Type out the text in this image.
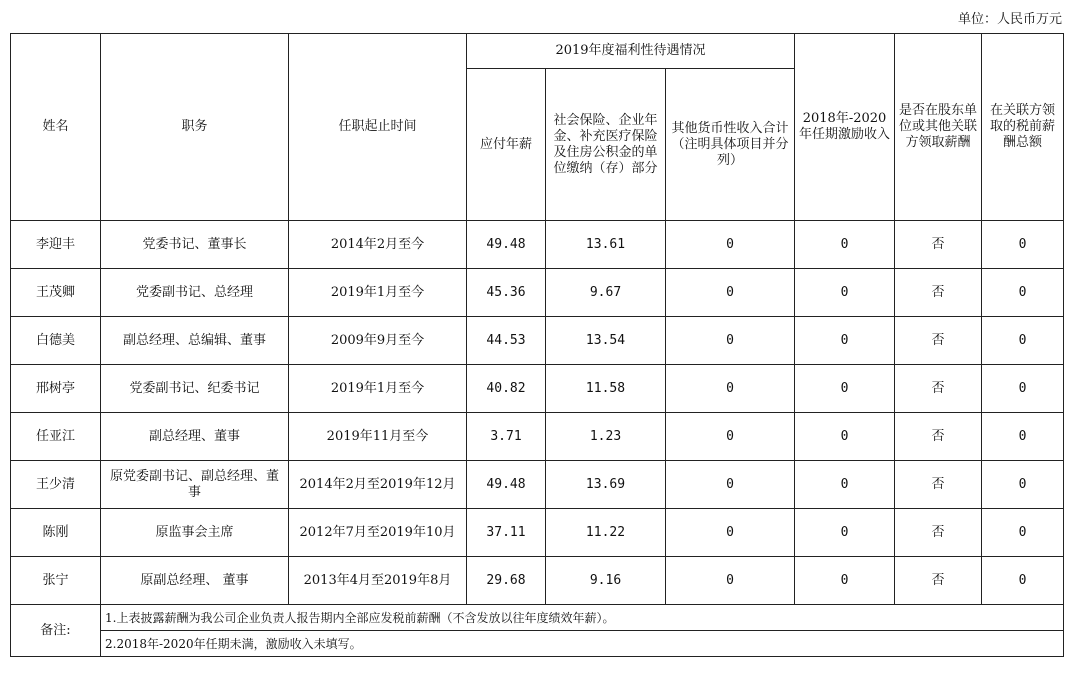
单位：人民币万元
姓名	职务	任职起止时间	2019年度福利性待遇情况			2018年-2020年任期激励收入	是否在股东单位或其他关联方领取薪酬	在关联方领取的税前薪酬总额
			应付年薪	社会保险、企业年金、补充医疗保险及住房公积金的单位缴纳（存）部分	其他货币性收入合计（注明具体项目并分列）			
李迎丰	党委书记、董事长	2014年2月至今	49.48	13.61	0	0	否	0
王茂卿	党委副书记、总经理	2019年1月至今	45.36	9.67	0	0	否	0
白德美	副总经理、总编辑、董事	2009年9月至今	44.53	13.54	0	0	否	0
邢树亭	党委副书记、纪委书记	2019年1月至今	40.82	11.58	0	0	否	0
任亚江	副总经理、董事	2019年11月至今	3.71	1.23	0	0	否	0
王少清	原党委副书记、副总经理、董事	2014年2月至2019年12月	49.48	13.69	0	0	否	0
陈刚	原监事会主席	2012年7月至2019年10月	37.11	11.22	0	0	否	0
张宁	原副总经理、 董事	2013年4月至2019年8月	29.68	9.16	0	0	否	0
备注:	1.上表披露薪酬为我公司企业负责人报告期内全部应发税前薪酬（不含发放以往年度绩效年薪）。							
	2.2018年-2020年任期未满，激励收入未填写。							
